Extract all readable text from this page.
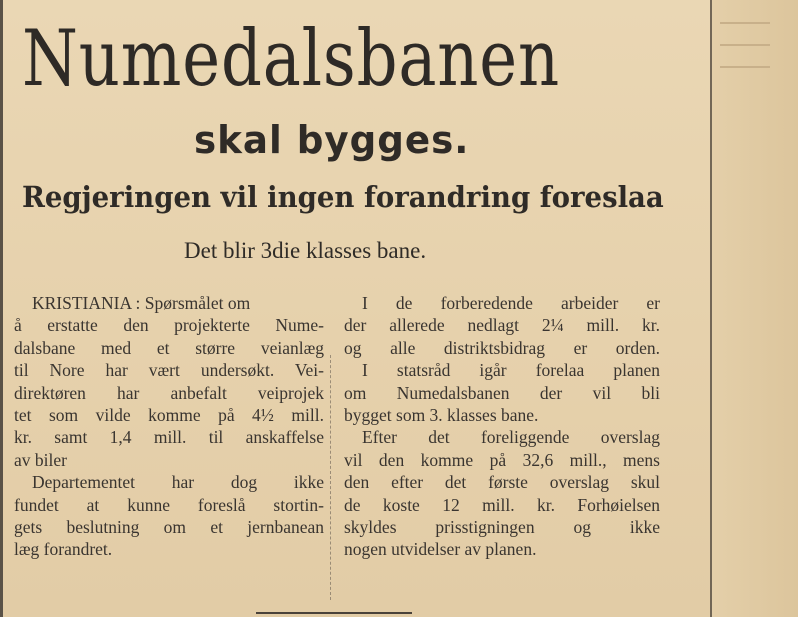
Numedalsbanen
skal bygges.
Regjeringen vil ingen forandring foreslaa
Det blir 3die klasses bane.
KRISTIANIA : Spørsmålet om
å erstatte den projekterte Nume-
dalsbane med et større veianlæg
til Nore har vært undersøkt. Vei-
direktøren har anbefalt veiprojek
tet som vilde komme på 4½ mill.
kr. samt 1,4 mill. til anskaffelse
av biler
Departementet har dog ikke
fundet at kunne foreslå stortin-
gets beslutning om et jernbanean
læg forandret.
I de forberedende arbeider er
der allerede nedlagt 2¼ mill. kr.
og alle distriktsbidrag er orden.
I statsråd igår forelaa planen
om Numedalsbanen der vil bli
bygget som 3. klasses bane.
Efter det foreliggende overslag
vil den komme på 32,6 mill., mens
den efter det første overslag skul
de koste 12 mill. kr. Forhøielsen
skyldes prisstigningen og ikke
nogen utvidelser av planen.
